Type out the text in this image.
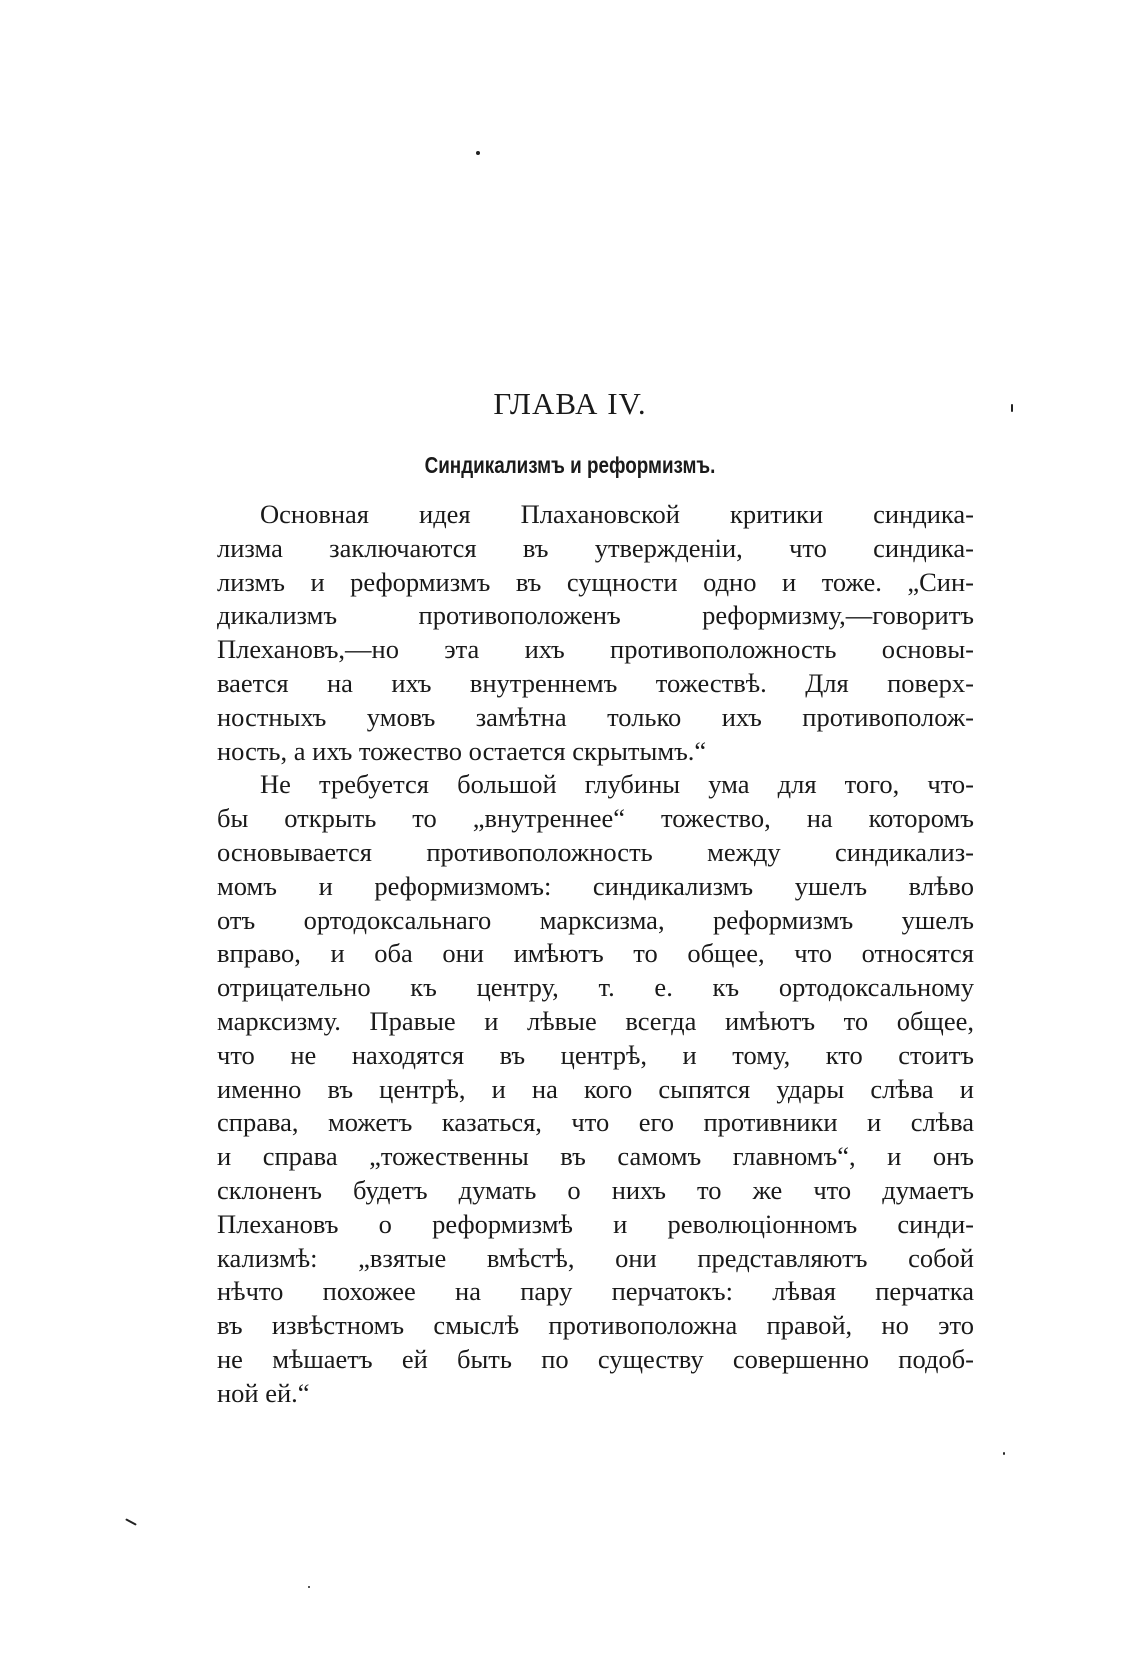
ГЛАВА IV.
Синдикализмъ и реформизмъ.
Основная идея Плахановской критики синдика-
лизма заключаются въ утвержденіи, что синдика-
лизмъ и реформизмъ въ сущности одно и тоже. „Син-
дикализмъ противоположенъ реформизму,—говоритъ
Плехановъ,—но эта ихъ противоположность основы-
вается на ихъ внутреннемъ тожествѣ. Для поверх-
ностныхъ умовъ замѣтна только ихъ противополож-
ность, а ихъ тожество остается скрытымъ.“
Не требуется большой глубины ума для того, что-
бы открыть то „внутреннее“ тожество, на которомъ
основывается противоположность между синдикализ-
момъ и реформизмомъ: синдикализмъ ушелъ влѣво
отъ ортодоксальнаго марксизма, реформизмъ ушелъ
вправо, и оба они имѣютъ то общее, что относятся
отрицательно къ центру, т. е. къ ортодоксальному
марксизму. Правые и лѣвые всегда имѣютъ то общее,
что не находятся въ центрѣ, и тому, кто стоитъ
именно въ центрѣ, и на кого сыпятся удары слѣва и
справа, можетъ казаться, что его противники и слѣва
и справа „тожественны въ самомъ главномъ“, и онъ
склоненъ будетъ думать о нихъ то же что думаетъ
Плехановъ о реформизмѣ и революціонномъ синди-
кализмѣ: „взятые вмѣстѣ, они представляютъ собой
нѣчто похожее на пару перчатокъ: лѣвая перчатка
въ извѣстномъ смыслѣ противоположна правой, но это
не мѣшаетъ ей быть по существу совершенно подоб-
ной ей.“
